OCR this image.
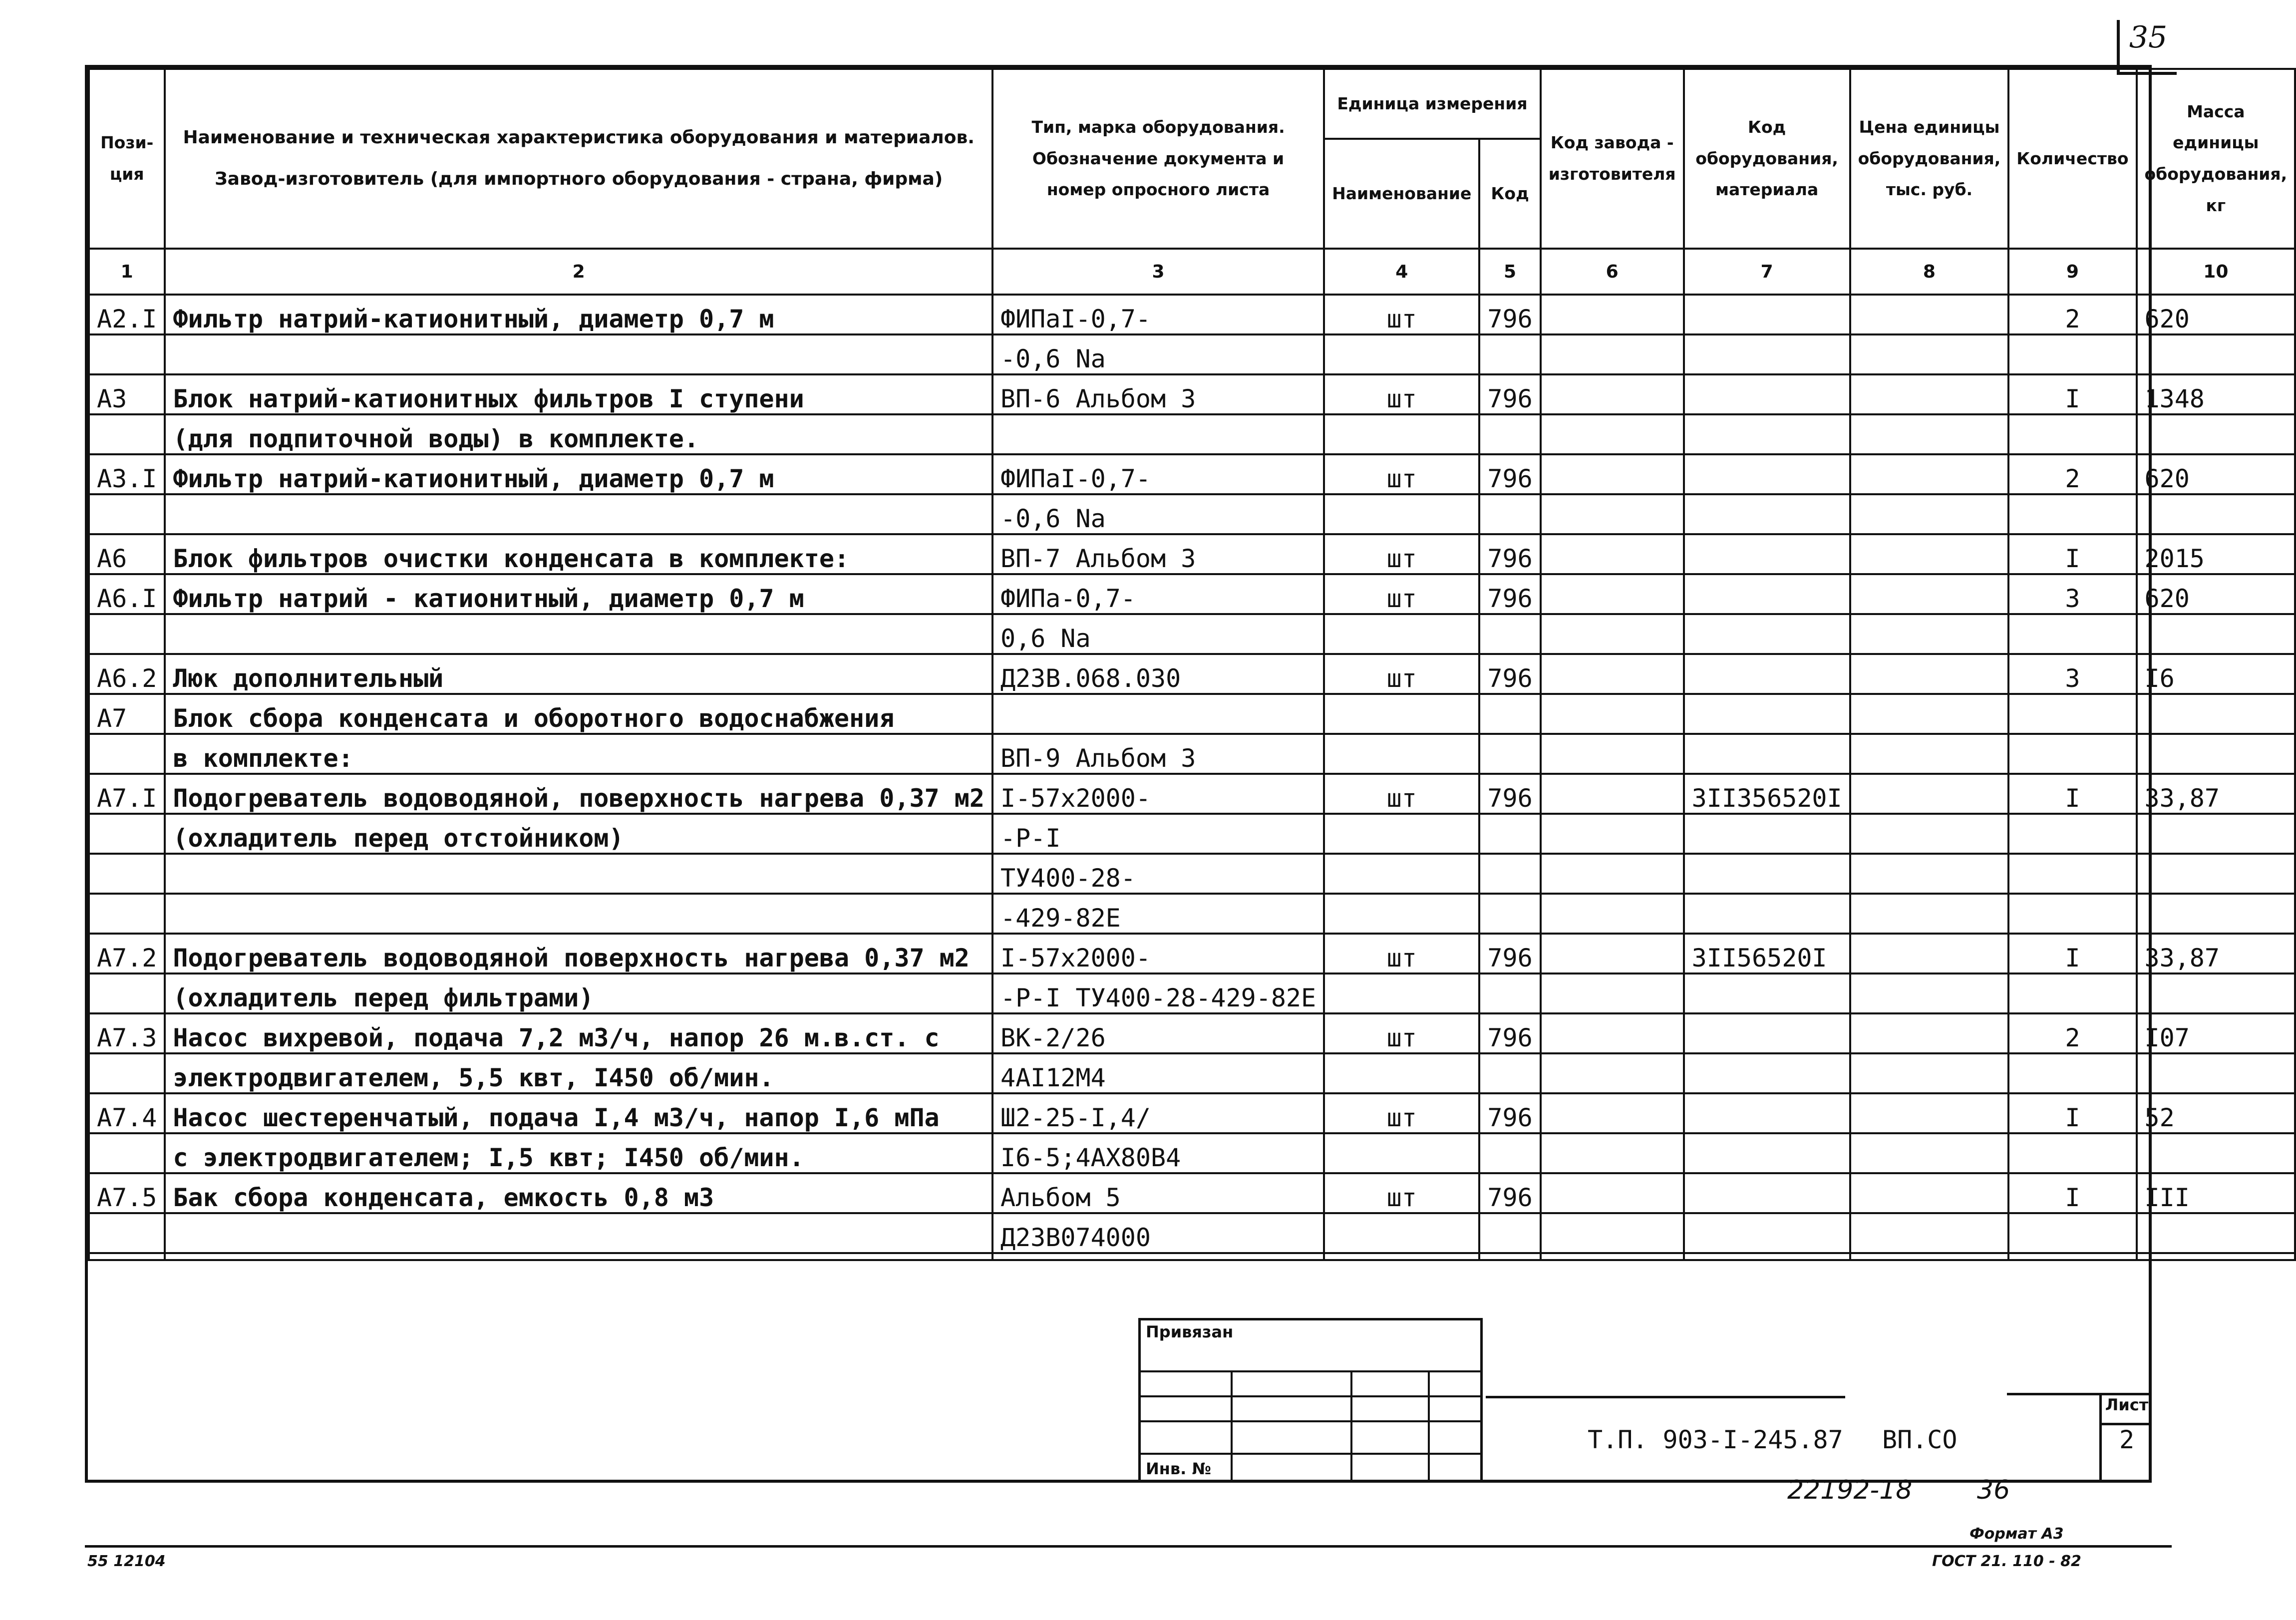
35
Пози- ция	Наименование и техническая характеристика оборудования и материалов. Завод-изготовитель (для импортного оборудования - страна, фирма)	Тип, марка оборудования. Обозначение документа и номер опросного листа	Единица измерения		Код завода - изготовителя	Код оборудования, материала	Цена единицы оборудования, тыс. руб.	Количество	Масса единицы оборудования, кг
			Наименование	Код					
1	2	3	4	5	6	7	8	9	10
А2.I	Фильтр натрий-катионитный, диаметр 0,7 м	ФИПаI-0,7-	шт	796				2	620
		-0,6 Na							
А3	Блок натрий-катионитных фильтров I ступени	ВП-6 Альбом 3	шт	796				I	1348
	(для подпиточной воды) в комплекте.								
А3.I	Фильтр натрий-катионитный, диаметр 0,7 м	ФИПаI-0,7-	шт	796				2	620
		-0,6 Na							
А6	Блок фильтров очистки конденсата в комплекте:	ВП-7 Альбом 3	шт	796				I	2015
А6.I	Фильтр натрий - катионитный, диаметр 0,7 м	ФИПа-0,7-	шт	796				3	620
		0,6 Na							
А6.2	Люк дополнительный	Д23В.068.030	шт	796				3	I6
А7	Блок сбора конденсата и оборотного водоснабжения								
	в комплекте:	ВП-9 Альбом 3							
А7.I	Подогреватель водоводяной, поверхность нагрева 0,37 м2	I-57х2000-	шт	796		3II356520I		I	33,87
	(охладитель перед отстойником)	-Р-I							
		ТУ400-28-							
		-429-82Е							
А7.2	Подогреватель водоводяной поверхность нагрева 0,37 м2	I-57х2000-	шт	796		3II56520I		I	33,87
	(охладитель перед фильтрами)	-Р-I ТУ400-28-429-82Е							
А7.3	Насос вихревой, подача 7,2 м3/ч, напор 26 м.в.ст. с	ВК-2/26	шт	796				2	I07
	электродвигателем, 5,5 квт, I450 об/мин.	4АI12М4							
А7.4	Насос шестеренчатый, подача I,4 м3/ч, напор I,6 мПа	Ш2-25-I,4/	шт	796				I	52
	с электродвигателем; I,5 квт; I450 об/мин.	I6-5;4АХ80В4							
А7.5	Бак сбора конденсата, емкость 0,8 м3	Альбом 5	шт	796				I	III
		Д23В074000							

Привязан
Инв. №
Т.П. 903-I-245.87 ВП.СО
Лист
2
22192-18 36
Формат А3
55 12104	ГОСТ 21. 110 - 82
